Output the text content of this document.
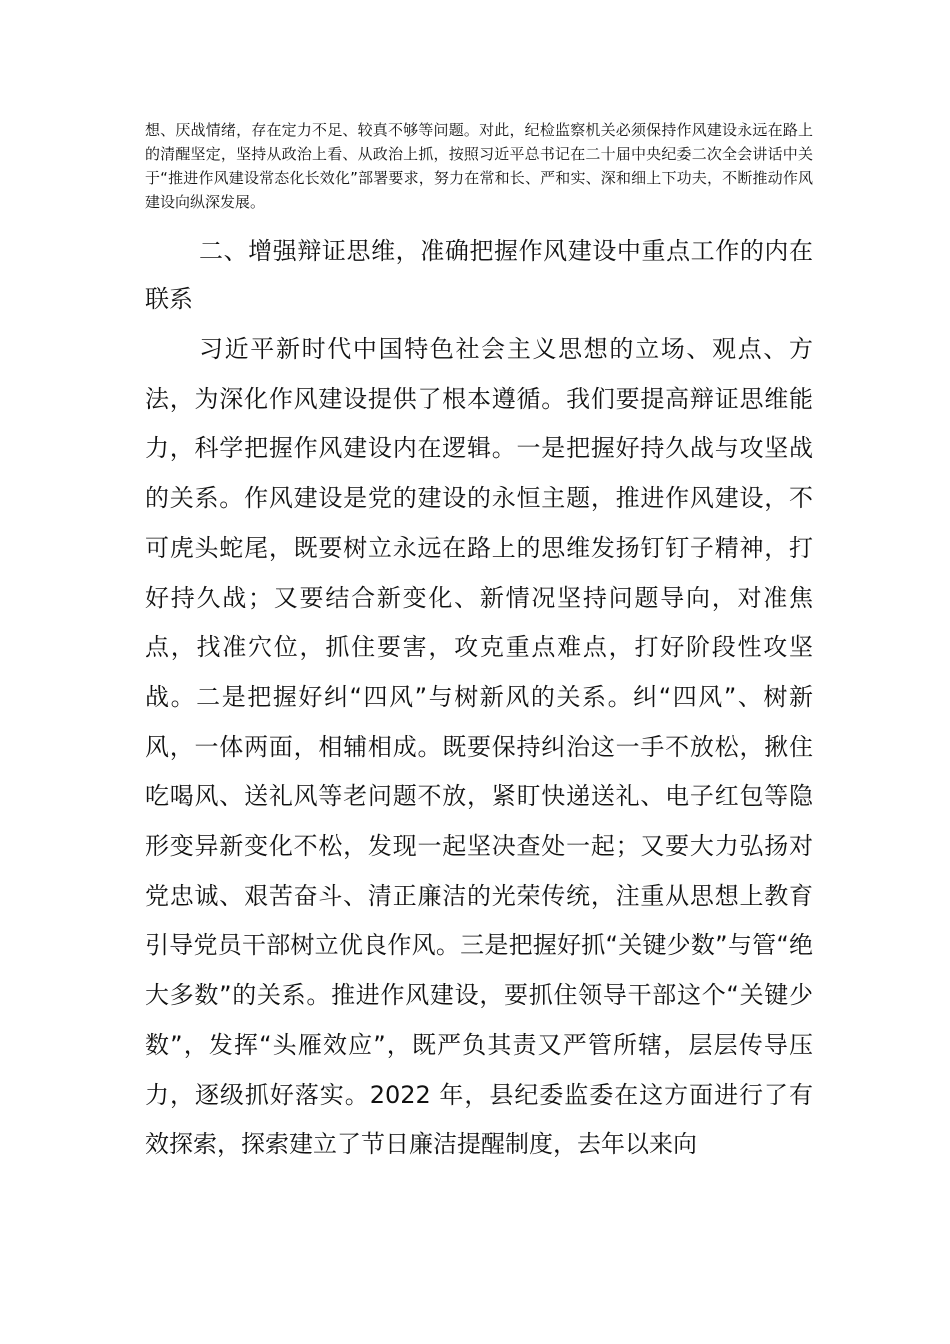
想、厌战情绪，存在定力不足、较真不够等问题。对此，纪检监察机关必须保持作风建设永远在路上的清醒坚定，坚持从政治上看、从政治上抓，按照习近平总书记在二十届中央纪委二次全会讲话中关于“推进作风建设常态化长效化”部署要求，努力在常和长、严和实、深和细上下功夫，不断推动作风建设向纵深发展。

二、增强辩证思维，准确把握作风建设中重点工作的内在联系

习近平新时代中国特色社会主义思想的立场、观点、方法，为深化作风建设提供了根本遵循。我们要提高辩证思维能力，科学把握作风建设内在逻辑。一是把握好持久战与攻坚战的关系。作风建设是党的建设的永恒主题，推进作风建设，不可虎头蛇尾，既要树立永远在路上的思维发扬钉钉子精神，打好持久战；又要结合新变化、新情况坚持问题导向，对准焦点，找准穴位，抓住要害，攻克重点难点，打好阶段性攻坚战。二是把握好纠“四风”与树新风的关系。纠“四风”、树新风，一体两面，相辅相成。既要保持纠治这一手不放松，揪住吃喝风、送礼风等老问题不放，紧盯快递送礼、电子红包等隐形变异新变化不松，发现一起坚决查处一起；又要大力弘扬对党忠诚、艰苦奋斗、清正廉洁的光荣传统，注重从思想上教育引导党员干部树立优良作风。三是把握好抓“关键少数”与管“绝大多数”的关系。推进作风建设，要抓住领导干部这个“关键少数”，发挥“头雁效应”，既严负其责又严管所辖，层层传导压力，逐级抓好落实。2022 年，县纪委监委在这方面进行了有效探索，探索建立了节日廉洁提醒制度，去年以来向
